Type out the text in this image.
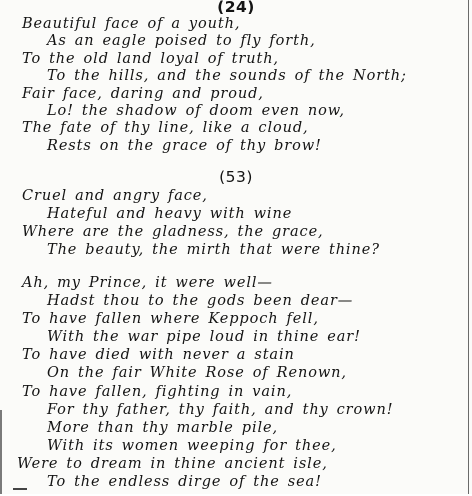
(24)
Beautiful face of a youth,
As an eagle poised to fly forth,
To the old land loyal of truth,
To the hills, and the sounds of the North;
Fair face, daring and proud,
Lo! the shadow of doom even now,
The fate of thy line, like a cloud,
Rests on the grace of thy brow!
(53)
Cruel and angry face,
Hateful and heavy with wine
Where are the gladness, the grace,
The beauty, the mirth that were thine?
Ah, my Prince, it were well—
Hadst thou to the gods been dear—
To have fallen where Keppoch fell,
With the war pipe loud in thine ear!
To have died with never a stain
On the fair White Rose of Renown,
To have fallen, fighting in vain,
For thy father, thy faith, and thy crown!
More than thy marble pile,
With its women weeping for thee,
Were to dream in thine ancient isle,
To the endless dirge of the sea!
